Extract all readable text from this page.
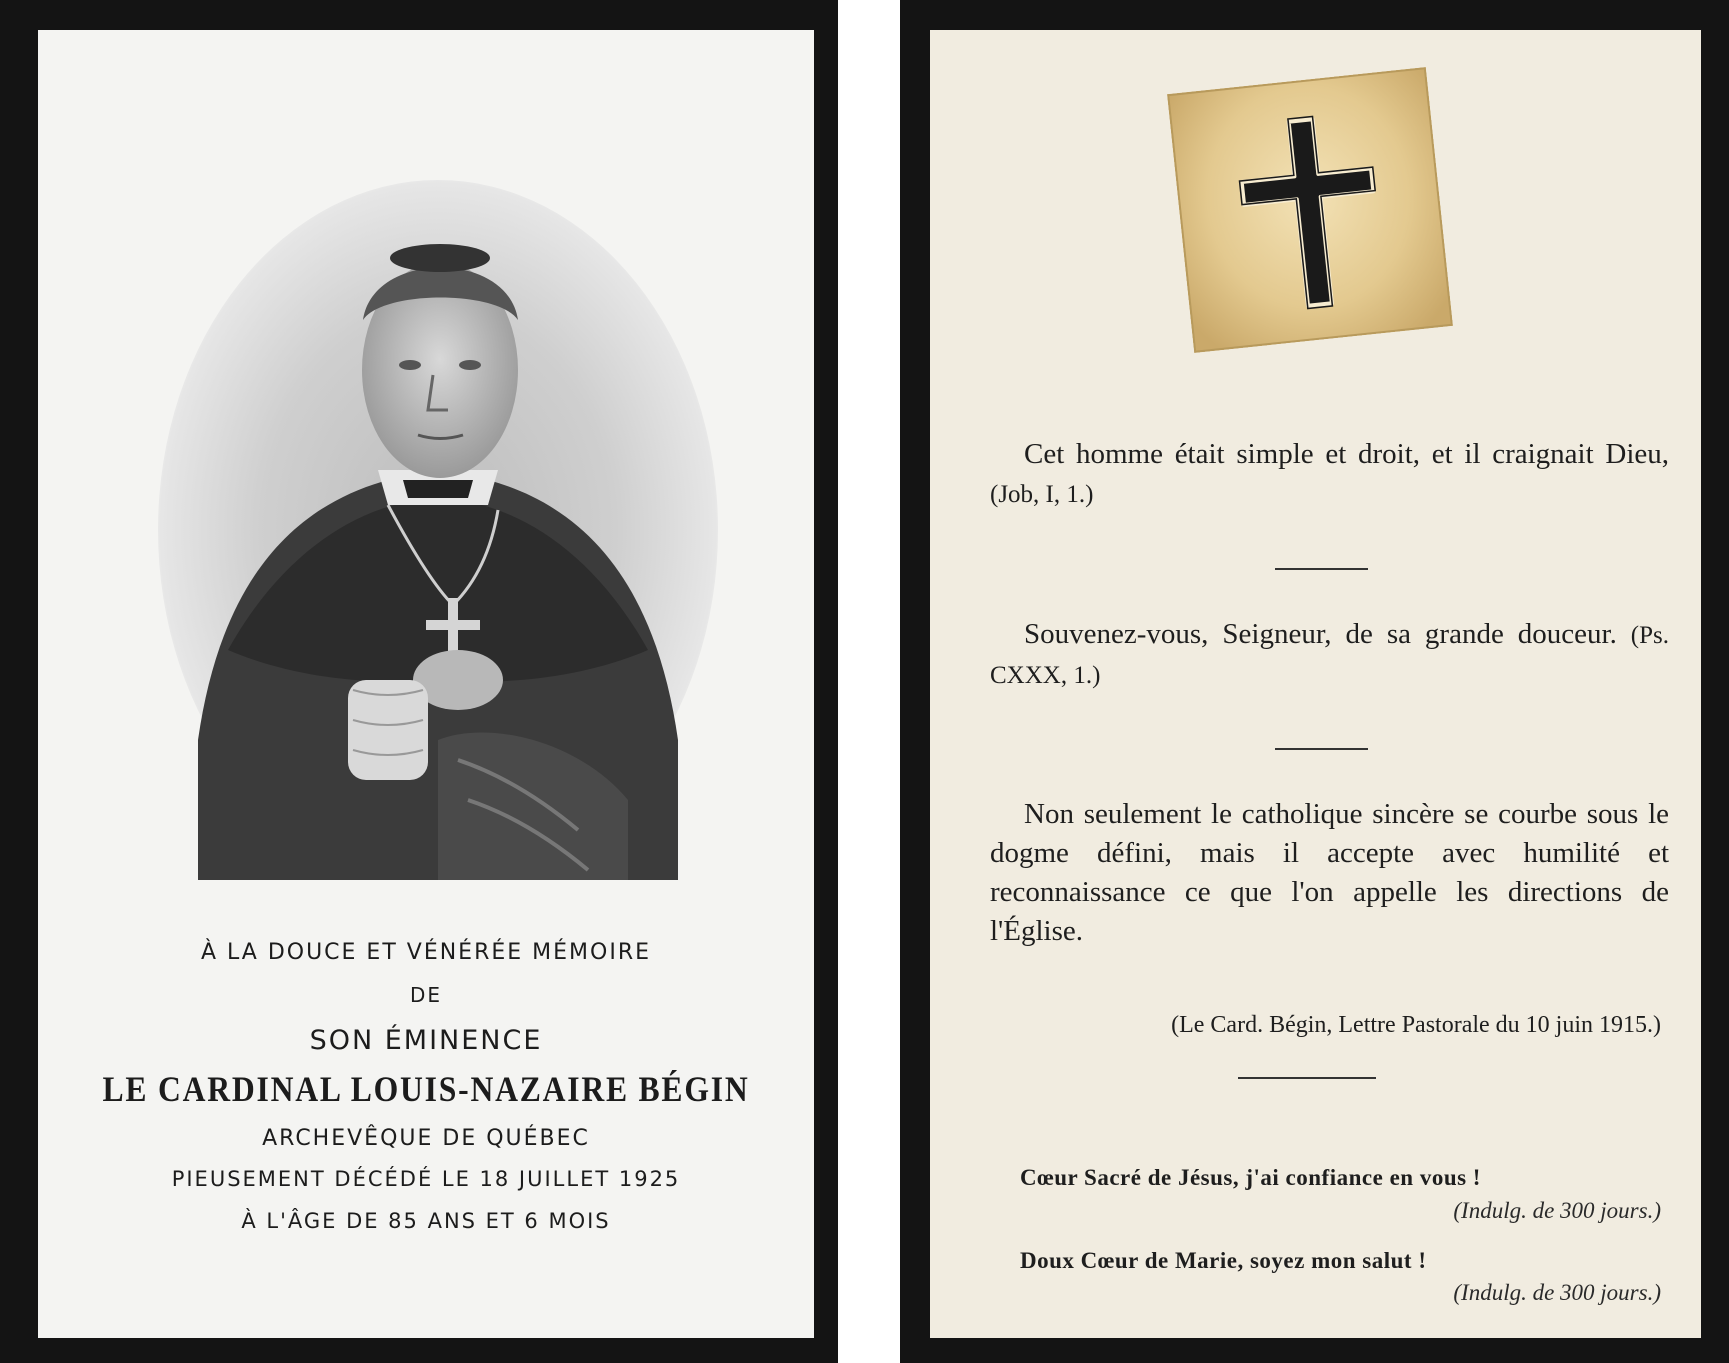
À LA DOUCE ET VÉNÉRÉE MÉMOIRE
DE
SON ÉMINENCE
LE CARDINAL LOUIS-NAZAIRE BÉGIN
ARCHEVÊQUE DE QUÉBEC
PIEUSEMENT DÉCÉDÉ LE 18 JUILLET 1925
À L'ÂGE DE 85 ANS ET 6 MOIS
Cet homme était simple et droit, et il craignait Dieu, (Job, I, 1.)
Souvenez-vous, Seigneur, de sa grande douceur. (Ps. CXXX, 1.)
Non seulement le catholique sincère se courbe sous le dogme défini, mais il accepte avec humilité et reconnaissance ce que l'on appelle les directions de l'Église.
(Le Card. Bégin, Lettre Pastorale du 10 juin 1915.)
Cœur Sacré de Jésus, j'ai confiance en vous !
(Indulg. de 300 jours.)
Doux Cœur de Marie, soyez mon salut !
(Indulg. de 300 jours.)
